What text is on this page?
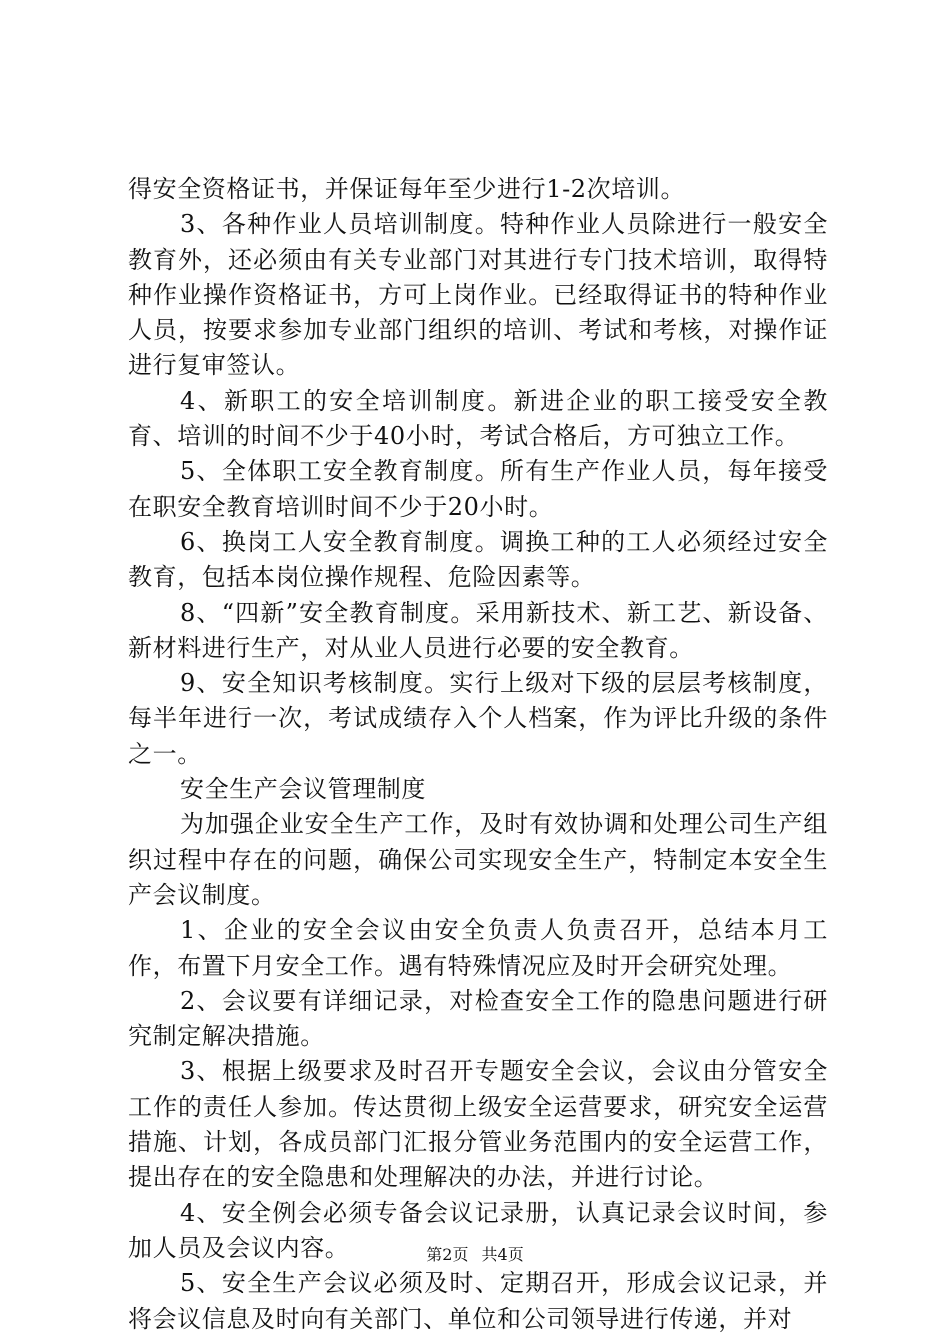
得安全资格证书，并保证每年至少进行1-2次培训。

3、各种作业人员培训制度。特种作业人员除进行一般安全教育外，还必须由有关专业部门对其进行专门技术培训，取得特种作业操作资格证书，方可上岗作业。已经取得证书的特种作业人员，按要求参加专业部门组织的培训、考试和考核，对操作证进行复审签认。

4、新职工的安全培训制度。新进企业的职工接受安全教育、培训的时间不少于40小时，考试合格后，方可独立工作。

5、全体职工安全教育制度。所有生产作业人员，每年接受在职安全教育培训时间不少于20小时。

6、换岗工人安全教育制度。调换工种的工人必须经过安全教育，包括本岗位操作规程、危险因素等。

8、“四新”安全教育制度。采用新技术、新工艺、新设备、新材料进行生产，对从业人员进行必要的安全教育。

9、安全知识考核制度。实行上级对下级的层层考核制度，每半年进行一次，考试成绩存入个人档案，作为评比升级的条件之一。

安全生产会议管理制度

为加强企业安全生产工作，及时有效协调和处理公司生产组织过程中存在的问题，确保公司实现安全生产，特制定本安全生产会议制度。

1、企业的安全会议由安全负责人负责召开，总结本月工作，布置下月安全工作。遇有特殊情况应及时开会研究处理。

2、会议要有详细记录，对检查安全工作的隐患问题进行研究制定解决措施。

3、根据上级要求及时召开专题安全会议，会议由分管安全工作的责任人参加。传达贯彻上级安全运营要求，研究安全运营措施、计划，各成员部门汇报分管业务范围内的安全运营工作，提出存在的安全隐患和处理解决的办法，并进行讨论。

4、安全例会必须专备会议记录册，认真记录会议时间，参加人员及会议内容。

5、安全生产会议必须及时、定期召开，形成会议记录，并将会议信息及时向有关部门、单位和公司领导进行传递，并对

第2页 共4页
